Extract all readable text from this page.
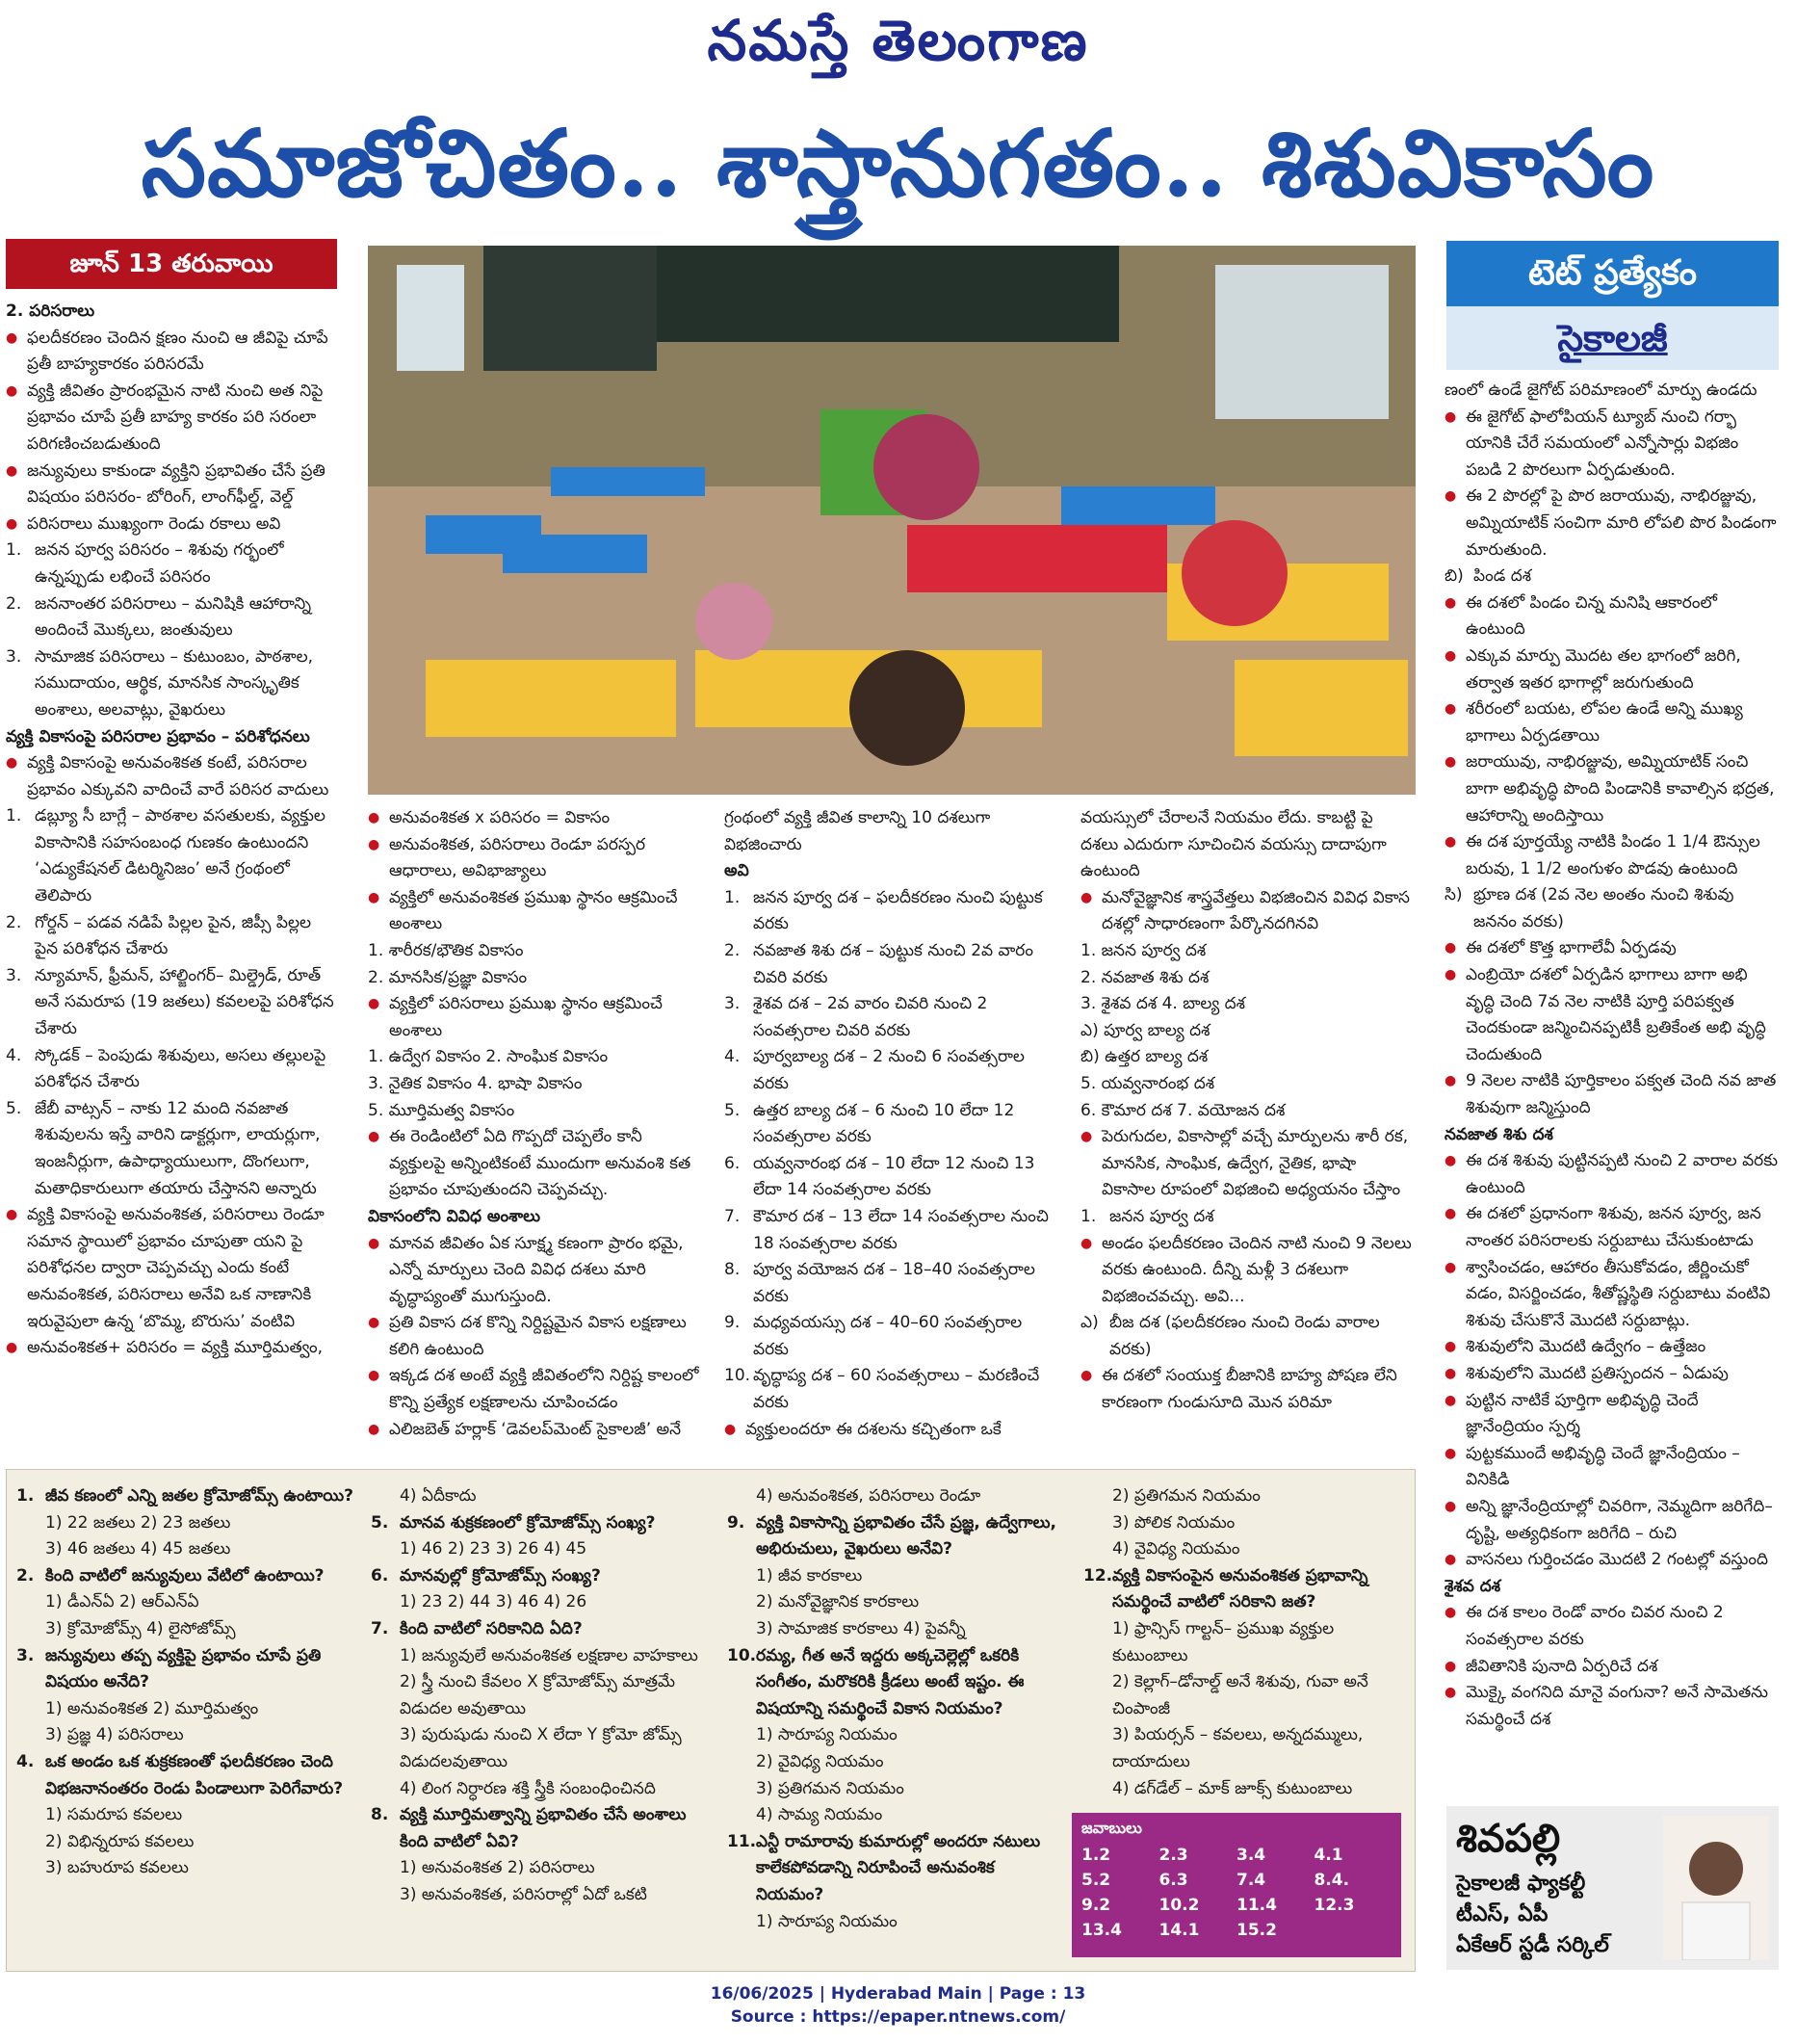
నమస్తే తెలంగాణ
సమాజోచితం.. శాస్త్రానుగతం.. శిశువికాసం
జూన్ 13 తరువాయి	టెట్ ప్రత్యేకం
సైకాలజీ

2. పరిసరాలు

● ఫలదీకరణం చెందిన క్షణం నుంచి ఆ జీవిపై చూపే ప్రతీ బాహ్యకారకం పరిసరమే

● వ్యక్తి జీవితం ప్రారంభమైన నాటి నుంచి అత నిపై ప్రభావం చూపే ప్రతీ బాహ్య కారకం పరి సరంలా పరిగణించబడుతుంది

● జన్యువులు కాకుండా వ్యక్తిని ప్రభావితం చేసే ప్రతి విషయం పరిసరం- బోరింగ్, లాంగ్‌ఫీల్డ్, వెల్డ్

● పరిసరాలు ముఖ్యంగా రెండు రకాలు అవి

1. జనన పూర్వ పరిసరం – శిశువు గర్భంలో ఉన్నప్పుడు లభించే పరిసరం

2. జననాంతర పరిసరాలు – మనిషికి ఆహారాన్ని అందించే మొక్కలు, జంతువులు

3. సామాజిక పరిసరాలు – కుటుంబం, పాఠశాల, సముదాయం, ఆర్థిక, మానసిక సాంస్కృతిక అంశాలు, అలవాట్లు, వైఖరులు

వ్యక్తి వికాసంపై పరిసరాల ప్రభావం – పరిశోధనలు

● వ్యక్తి వికాసంపై అనువంశికత కంటే, పరిసరాల ప్రభావం ఎక్కువని వాదించే వారే పరిసర వాదులు

1. డబ్ల్యూ సీ బాగ్లే – పాఠశాల వసతులకు, వ్యక్తుల వికాసానికి సహసంబంధ గుణకం ఉంటుందని ‘ఎడ్యుకేషనల్ డిటర్మినిజం’ అనే గ్రంథంలో తెలిపారు

2. గోర్డన్ – పడవ నడిపే పిల్లల పైన, జిప్సీ పిల్లల పైన పరిశోధన చేశారు

3. న్యూమాన్, ఫ్రీమన్, హాల్జింగర్– మిల్డ్రెడ్, రూత్ అనే సమరూప (19 జతలు) కవలలపై పరిశోధన చేశారు

4. స్కోడక్ – పెంపుడు శిశువులు, అసలు తల్లులపై పరిశోధన చేశారు

5. జేబీ వాట్సన్ – నాకు 12 మంది నవజాత శిశువులను ఇస్తే వారిని డాక్టర్లుగా, లాయర్లుగా, ఇంజనీర్లుగా, ఉపాధ్యాయులుగా, దొంగలుగా, మతాధికారులుగా తయారు చేస్తానని అన్నారు

● వ్యక్తి వికాసంపై అనువంశికత, పరిసరాలు రెండూ సమాన స్థాయిలో ప్రభావం చూపుతా యని పై పరిశోధనల ద్వారా చెప్పవచ్చు ఎందు కంటే అనువంశికత, పరిసరాలు అనేవి ఒక నాణానికి ఇరువైపులా ఉన్న ‘బొమ్మ, బొరుసు’ వంటివి

● అనువంశికత+ పరిసరం = వ్యక్తి మూర్తిమత్వం,

● అనువంశికత x పరిసరం = వికాసం

● అనువంశికత, పరిసరాలు రెండూ పరస్పర ఆధారాలు, అవిభాజ్యాలు

● వ్యక్తిలో అనువంశికత ప్రముఖ స్థానం ఆక్రమించే అంశాలు

1. శారీరక/భౌతిక వికాసం

2. మానసిక/ప్రజ్ఞా వికాసం

● వ్యక్తిలో పరిసరాలు ప్రముఖ స్థానం ఆక్రమించే అంశాలు

1. ఉద్వేగ వికాసం 2. సాంఘిక వికాసం

3. నైతిక వికాసం 4. భాషా వికాసం

5. మూర్తిమత్వ వికాసం

● ఈ రెండింటిలో ఏది గొప్పదో చెప్పలేం కానీ వ్యక్తులపై అన్నింటికంటే ముందుగా అనువంశి కత ప్రభావం చూపుతుందని చెప్పవచ్చు.

వికాసంలోని వివిధ అంశాలు

● మానవ జీవితం ఏక సూక్ష్మ కణంగా ప్రారం భమై, ఎన్నో మార్పులు చెంది వివిధ దశలు మారి వృద్ధాప్యంతో ముగుస్తుంది.

● ప్రతి వికాస దశ కొన్ని నిర్దిష్టమైన వికాస లక్షణాలు కలిగి ఉంటుంది

● ఇక్కడ దశ అంటే వ్యక్తి జీవితంలోని నిర్దిష్ట కాలంలో కొన్ని ప్రత్యేక లక్షణాలను చూపించడం

● ఎలిజబెత్ హర్లాక్ ‘డెవలప్‌మెంట్ సైకాలజీ’ అనే

గ్రంథంలో వ్యక్తి జీవిత కాలాన్ని 10 దశలుగా విభజించారు

అవి

1. జనన పూర్వ దశ – ఫలదీకరణం నుంచి పుట్టుక వరకు

2. నవజాత శిశు దశ – పుట్టుక నుంచి 2వ వారం చివరి వరకు

3. శైశవ దశ – 2వ వారం చివరి నుంచి 2 సంవత్సరాల చివరి వరకు

4. పూర్వబాల్య దశ – 2 నుంచి 6 సంవత్సరాల వరకు

5. ఉత్తర బాల్య దశ – 6 నుంచి 10 లేదా 12 సంవత్సరాల వరకు

6. యవ్వనారంభ దశ – 10 లేదా 12 నుంచి 13 లేదా 14 సంవత్సరాల వరకు

7. కౌమార దశ – 13 లేదా 14 సంవత్సరాల నుంచి 18 సంవత్సరాల వరకు

8. పూర్వ వయోజన దశ – 18–40 సంవత్సరాల వరకు

9. మధ్యవయస్సు దశ – 40–60 సంవత్సరాల వరకు

10. వృద్ధాప్య దశ – 60 సంవత్సరాలు – మరణించే వరకు

● వ్యక్తులందరూ ఈ దశలను కచ్చితంగా ఒకే

వయస్సులో చేరాలనే నియమం లేదు. కాబట్టి పై దశలు ఎదురుగా సూచించిన వయస్సు దాదాపుగా ఉంటుంది

● మనోవైజ్ఞానిక శాస్త్రవేత్తలు విభజించిన వివిధ వికాస దశల్లో సాధారణంగా పేర్కొనదగినవి

1. జనన పూర్వ దశ

2. నవజాత శిశు దశ

3. శైశవ దశ 4. బాల్య దశ

ఎ) పూర్వ బాల్య దశ

బి) ఉత్తర బాల్య దశ

5. యవ్వనారంభ దశ

6. కౌమార దశ 7. వయోజన దశ

● పెరుగుదల, వికాసాల్లో వచ్చే మార్పులను శారీ రక, మానసిక, సాంఘిక, ఉద్వేగ, నైతిక, భాషా వికాసాల రూపంలో విభజించి అధ్యయనం చేస్తాం

1. జనన పూర్వ దశ

● అండం ఫలదీకరణం చెందిన నాటి నుంచి 9 నెలలు వరకు ఉంటుంది. దీన్ని మళ్లీ 3 దశలుగా విభజించవచ్చు. అవి...

ఎ) బీజ దశ (ఫలదీకరణం నుంచి రెండు వారాల వరకు)

● ఈ దశలో సంయుక్త బీజానికి బాహ్య పోషణ లేని కారణంగా గుండుసూది మొన పరిమా

ణంలో ఉండే జైగోట్ పరిమాణంలో మార్పు ఉండదు

● ఈ జైగోట్ ఫాలోపియన్ ట్యూబ్ నుంచి గర్భా యానికి చేరే సమయంలో ఎన్నోసార్లు విభజిం పబడి 2 పొరలుగా ఏర్పడుతుంది.

● ఈ 2 పొరల్లో పై పొర జరాయువు, నాభిరజ్జువు, అమ్నియాటిక్ సంచిగా మారి లోపలి పొర పిండంగా మారుతుంది.

బి) పిండ దశ

● ఈ దశలో పిండం చిన్న మనిషి ఆకారంలో ఉంటుంది

● ఎక్కువ మార్పు మొదట తల భాగంలో జరిగి, తర్వాత ఇతర భాగాల్లో జరుగుతుంది

● శరీరంలో బయట, లోపల ఉండే అన్ని ముఖ్య భాగాలు ఏర్పడతాయి

● జరాయువు, నాభిరజ్జువు, అమ్నియాటిక్ సంచి బాగా అభివృద్ధి పొంది పిండానికి కావాల్సిన భద్రత, ఆహారాన్ని అందిస్తాయి

● ఈ దశ పూర్తయ్యే నాటికి పిండం 1 1/4 ఔన్సుల బరువు, 1 1/2 అంగుళం పొడవు ఉంటుంది

సి) భ్రూణ దశ (2వ నెల అంతం నుంచి శిశువు జననం వరకు)

● ఈ దశలో కొత్త భాగాలేవీ ఏర్పడవు

● ఎంబ్రియో దశలో ఏర్పడిన భాగాలు బాగా అభి వృద్ధి చెంది 7వ నెల నాటికి పూర్తి పరిపక్వత చెందకుండా జన్మించినప్పటికీ బ్రతికేంత అభి వృద్ధి చెందుతుంది

● 9 నెలల నాటికి పూర్తికాలం పక్వత చెంది నవ జాత శిశువుగా జన్మిస్తుంది

నవజాత శిశు దశ

● ఈ దశ శిశువు పుట్టినప్పటి నుంచి 2 వారాల వరకు ఉంటుంది

● ఈ దశలో ప్రధానంగా శిశువు, జనన పూర్వ, జన నాంతర పరిసరాలకు సర్దుబాటు చేసుకుంటాడు

● శ్వాసించడం, ఆహారం తీసుకోవడం, జీర్ణించుకో వడం, విసర్జించడం, శీతోష్ణస్థితి సర్దుబాటు వంటివి శిశువు చేసుకొనే మొదటి సర్దుబాట్లు.

● శిశువులోని మొదటి ఉద్వేగం – ఉత్తేజం

● శిశువులోని మొదటి ప్రతిస్పందన – ఏడుపు

● పుట్టిన నాటికే పూర్తిగా అభివృద్ధి చెందే జ్ఞానేంద్రియం స్పర్శ

● పుట్టకముందే అభివృద్ధి చెందే జ్ఞానేంద్రియం – వినికిడి

● అన్ని జ్ఞానేంద్రియాల్లో చివరిగా, నెమ్మదిగా జరిగేది– దృష్టి, అత్యధికంగా జరిగేది – రుచి

● వాసనలు గుర్తించడం మొదటి 2 గంటల్లో వస్తుంది

శైశవ దశ

● ఈ దశ కాలం రెండో వారం చివర నుంచి 2 సంవత్సరాల వరకు

● జీవితానికి పునాది ఏర్పరిచే దశ

● మొక్కై వంగనిది మానై వంగునా? అనే సామెతను సమర్థించే దశ

1. జీవ కణంలో ఎన్ని జతల క్రోమోజోమ్స్ ఉంటాయి?

1) 22 జతలు 2) 23 జతలు

3) 46 జతలు 4) 45 జతలు

2. కింది వాటిలో జన్యువులు వేటిలో ఉంటాయి?

1) డీఎన్ఏ 2) ఆర్ఎన్ఏ

3) క్రోమోజోమ్స్ 4) లైసోజోమ్స్

3. జన్యువులు తప్ప వ్యక్తిపై ప్రభావం చూపే ప్రతి విషయం అనేది?

1) అనువంశికత 2) మూర్తిమత్వం

3) ప్రజ్ఞ 4) పరిసరాలు

4. ఒక అండం ఒక శుక్రకణంతో ఫలదీకరణం చెంది విభజనానంతరం రెండు పిండాలుగా పెరిగేవారు?

1) సమరూప కవలలు

2) విభిన్నరూప కవలలు

3) బహురూప కవలలు

4) ఏదీకాదు

5. మానవ శుక్రకణంలో క్రోమోజోమ్స్ సంఖ్య?

1) 46 2) 23 3) 26 4) 45

6. మానవుల్లో క్రోమోజోమ్స్ సంఖ్య?

1) 23 2) 44 3) 46 4) 26

7. కింది వాటిలో సరికానిది ఏది?

1) జన్యువులే అనువంశికత లక్షణాల వాహకాలు

2) స్త్రీ నుంచి కేవలం X క్రోమోజోమ్స్ మాత్రమే విడుదల అవుతాయి

3) పురుషుడు నుంచి X లేదా Y క్రోమో జోమ్స్ విడుదలవుతాయి

4) లింగ నిర్ధారణ శక్తి స్త్రీకి సంబంధించినది

8. వ్యక్తి మూర్తిమత్వాన్ని ప్రభావితం చేసే అంశాలు కింది వాటిలో ఏవి?

1) అనువంశికత 2) పరిసరాలు

3) అనువంశికత, పరిసరాల్లో ఏదో ఒకటి

4) అనువంశికత, పరిసరాలు రెండూ

9. వ్యక్తి వికాసాన్ని ప్రభావితం చేసే ప్రజ్ఞ, ఉద్వేగాలు, అభిరుచులు, వైఖరులు అనేవి?

1) జీవ కారకాలు

2) మనోవైజ్ఞానిక కారకాలు

3) సామాజిక కారకాలు 4) పైవన్నీ

10. రమ్య, గీత అనే ఇద్దరు అక్కచెల్లెల్లో ఒకరికి సంగీతం, మరొకరికి క్రీడలు అంటే ఇష్టం. ఈ విషయాన్ని సమర్థించే వికాస నియమం?

1) సారూప్య నియమం

2) వైవిధ్య నియమం

3) ప్రతిగమన నియమం

4) సామ్య నియమం

11. ఎన్టీ రామారావు కుమారుల్లో అందరూ నటులు కాలేకపోవడాన్ని నిరూపించే అనువంశిక నియమం?

1) సారూప్య నియమం

2) ప్రతిగమన నియమం

3) పోలిక నియమం

4) వైవిధ్య నియమం

12. వ్యక్తి వికాసంపైన అనువంశికత ప్రభావాన్ని సమర్థించే వాటిలో సరికాని జత?

1) ఫ్రాన్సిస్ గాల్టన్– ప్రముఖ వ్యక్తుల కుటుంబాలు

2) కెల్లాగ్–డోనాల్డ్ అనే శిశువు, గువా అనే చింపాంజీ

3) పియర్సన్ – కవలలు, అన్నదమ్ములు, దాయాదులు

4) డగ్‌డేల్ – మాక్ జూక్స్ కుటుంబాలు

జవాబులు
1.2	2.3	3.4	4.1
5.2	6.3	7.4	8.4.
9.2	10.2	11.4	12.3
13.4	14.1	15.2
శివపల్లి
సైకాలజీ ఫ్యాకల్టీ
టీఎస్, ఏపీ
ఏకేఆర్ స్టడీ సర్కిల్
16/06/2025 | Hyderabad Main | Page : 13
Source : https://epaper.ntnews.com/
